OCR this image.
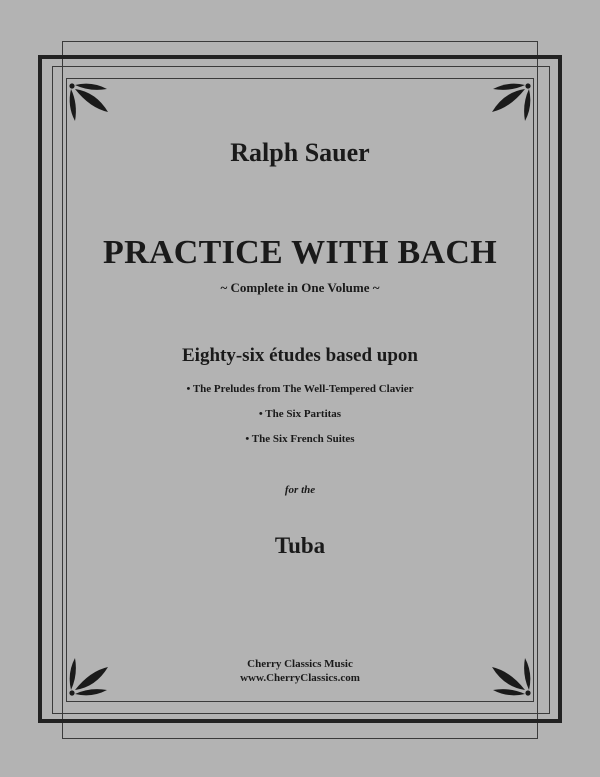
Ralph Sauer
PRACTICE WITH BACH
~ Complete in One Volume ~
Eighty-six études based upon
• The Preludes from The Well-Tempered Clavier
• The Six Partitas
• The Six French Suites
for the
Tuba
Cherry Classics Music
www.CherryClassics.com
